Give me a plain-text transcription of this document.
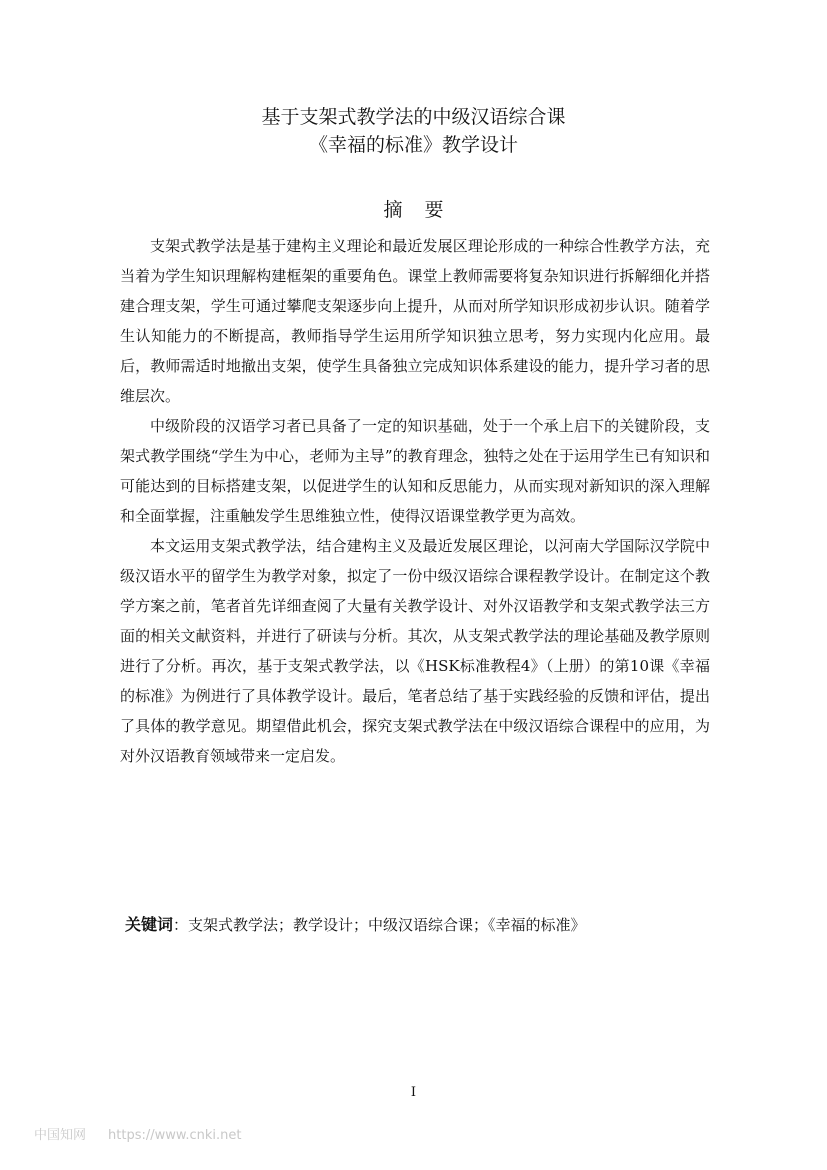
基于支架式教学法的中级汉语综合课
《幸福的标准》教学设计
摘要

支架式教学法是基于建构主义理论和最近发展区理论形成的一种综合性教学方法，充当着为学生知识理解构建框架的重要角色。课堂上教师需要将复杂知识进行拆解细化并搭建合理支架，学生可通过攀爬支架逐步向上提升，从而对所学知识形成初步认识。随着学生认知能力的不断提高，教师指导学生运用所学知识独立思考，努力实现内化应用。最后，教师需适时地撤出支架，使学生具备独立完成知识体系建设的能力，提升学习者的思维层次。

中级阶段的汉语学习者已具备了一定的知识基础，处于一个承上启下的关键阶段，支架式教学围绕“学生为中心，老师为主导”的教育理念，独特之处在于运用学生已有知识和可能达到的目标搭建支架，以促进学生的认知和反思能力，从而实现对新知识的深入理解和全面掌握，注重触发学生思维独立性，使得汉语课堂教学更为高效。

本文运用支架式教学法，结合建构主义及最近发展区理论，以河南大学国际汉学院中级汉语水平的留学生为教学对象，拟定了一份中级汉语综合课程教学设计。在制定这个教学方案之前，笔者首先详细查阅了大量有关教学设计、对外汉语教学和支架式教学法三方面的相关文献资料，并进行了研读与分析。其次，从支架式教学法的理论基础及教学原则进行了分析。再次，基于支架式教学法，以《HSK标准教程4》（上册）的第10课《幸福的标准》为例进行了具体教学设计。最后，笔者总结了基于实践经验的反馈和评估，提出了具体的教学意见。期望借此机会，探究支架式教学法在中级汉语综合课程中的应用，为对外汉语教育领域带来一定启发。

关键词：支架式教学法；教学设计；中级汉语综合课；《幸福的标准》
I
中国知网 https://www.cnki.net
